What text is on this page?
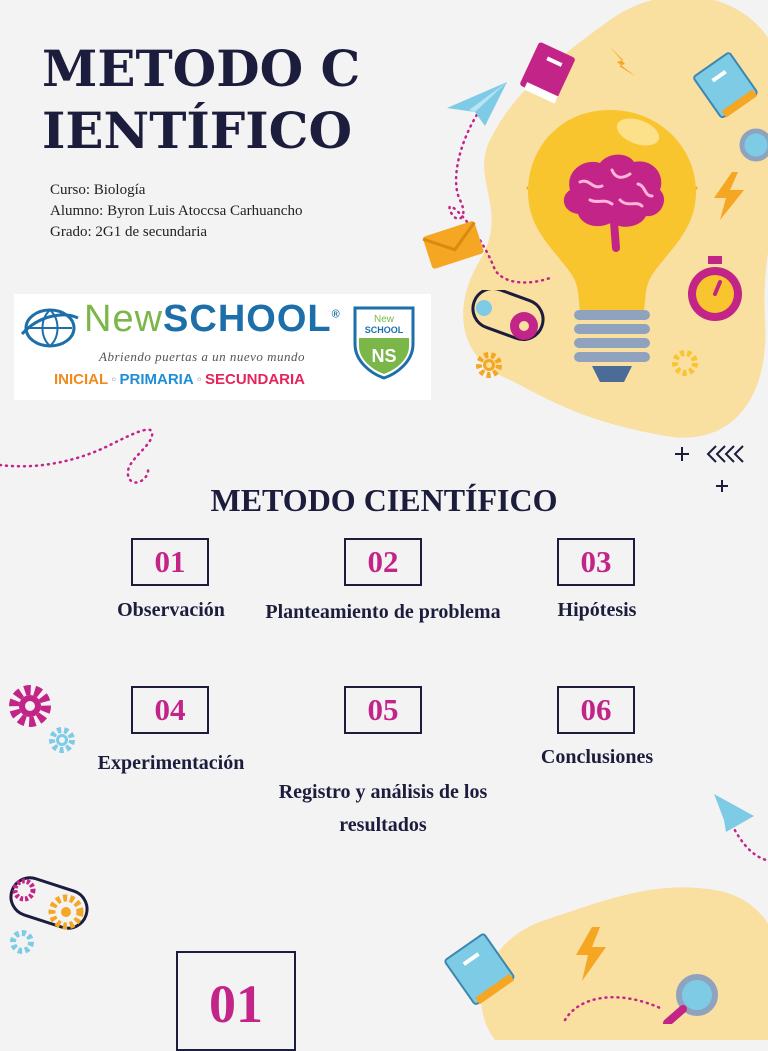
METODO CIENTÍFICO
Curso: Biología
Alumno: Byron Luis Atoccsa Carhuancho
Grado: 2G1 de secundaria
NewSCHOOL®
Abriendo puertas a un nuevo mundo
INICIAL ◦ PRIMARIA ◦ SECUNDARIA
NS
New
SCHOOL
METODO CIENTÍFICO
01
Observación
02
Planteamiento de problema
03
Hipótesis
04
Experimentación
05
Registro y análisis de los resultados
06
Conclusiones
01
